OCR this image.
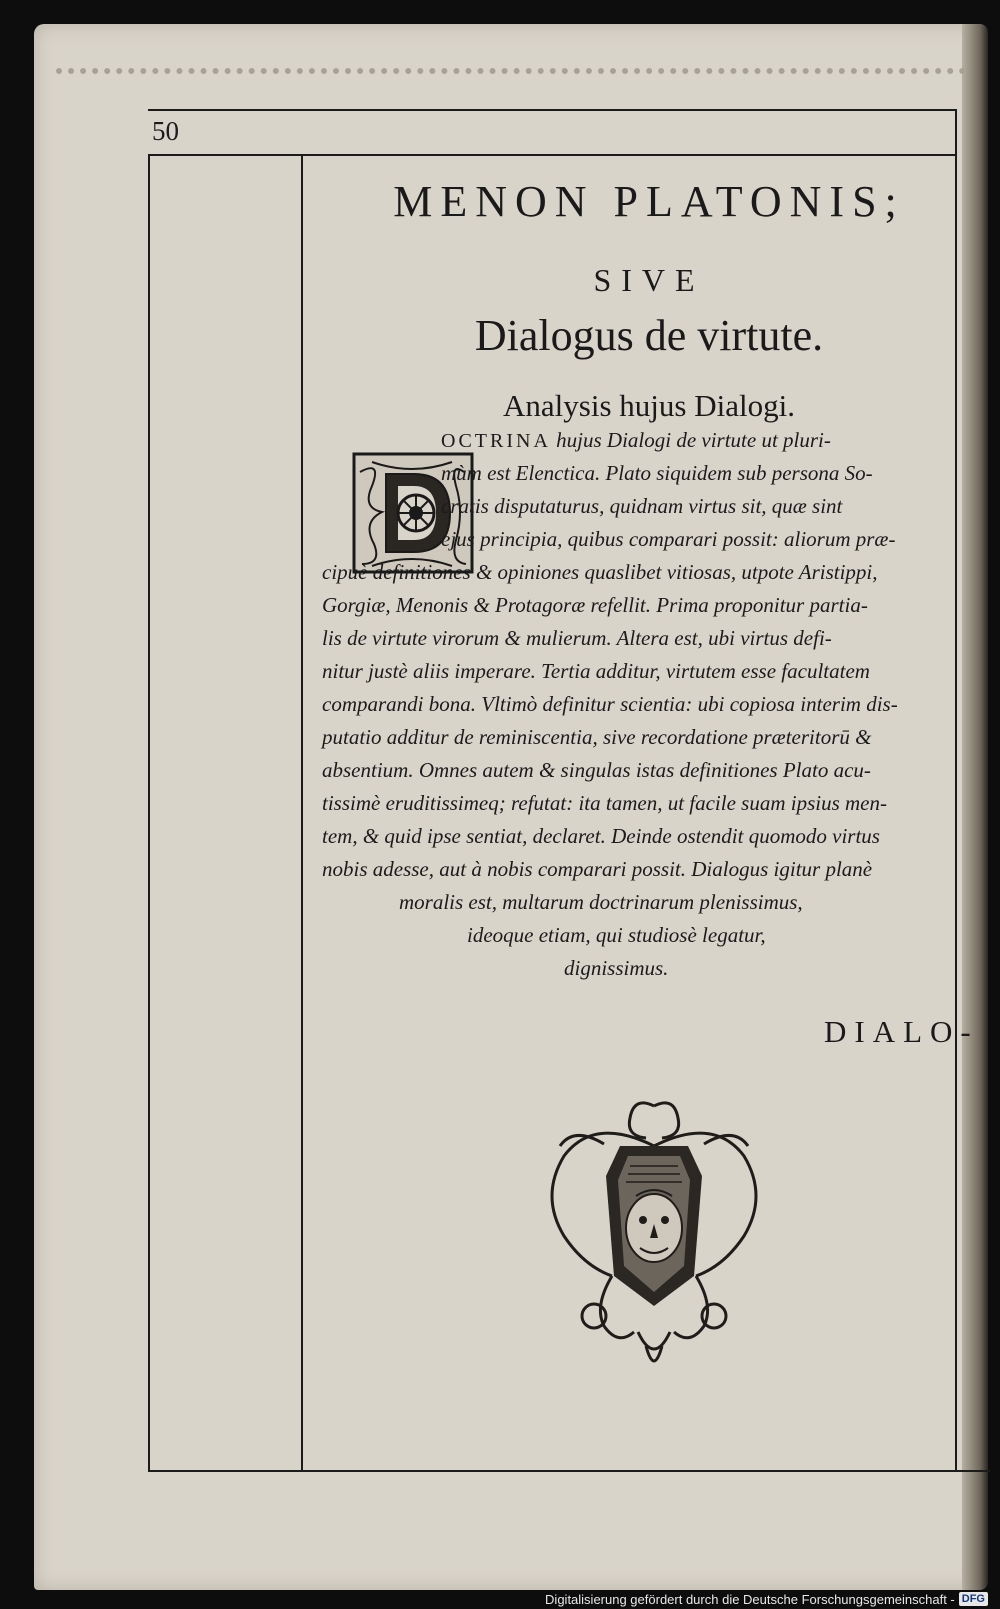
50
MENON PLATONIS;
SIVE
Dialogus de virtute.
Analysis hujus Dialogi.
OCTRINA hujus Dialogi de virtute ut pluri-
mùm est Elenctica. Plato siquidem sub persona So-
cratis disputaturus, quidnam virtus sit, quæ sint
ejus principia, quibus comparari possit: aliorum præ-
cipuè definitiones & opiniones quaslibet vitiosas, utpote Aristippi,
Gorgiæ, Menonis & Protagoræ refellit. Prima proponitur partia-
lis de virtute virorum & mulierum. Altera est, ubi virtus defi-
nitur justè aliis imperare. Tertia additur, virtutem esse facultatem
comparandi bona. Vltimò definitur scientia: ubi copiosa interim dis-
putatio additur de reminiscentia, sive recordatione præteritorū &
absentium. Omnes autem & singulas istas definitiones Plato acu-
tissimè eruditissimeq; refutat: ita tamen, ut facile suam ipsius men-
tem, & quid ipse sentiat, declaret. Deinde ostendit quomodo virtus
nobis adesse, aut à nobis comparari possit. Dialogus igitur planè
moralis est, multarum doctrinarum plenissimus,
ideoque etiam, qui studiosè legatur,
dignissimus.
DIALO-
Digitalisierung gefördert durch die Deutsche Forschungsgemeinschaft - DFG
